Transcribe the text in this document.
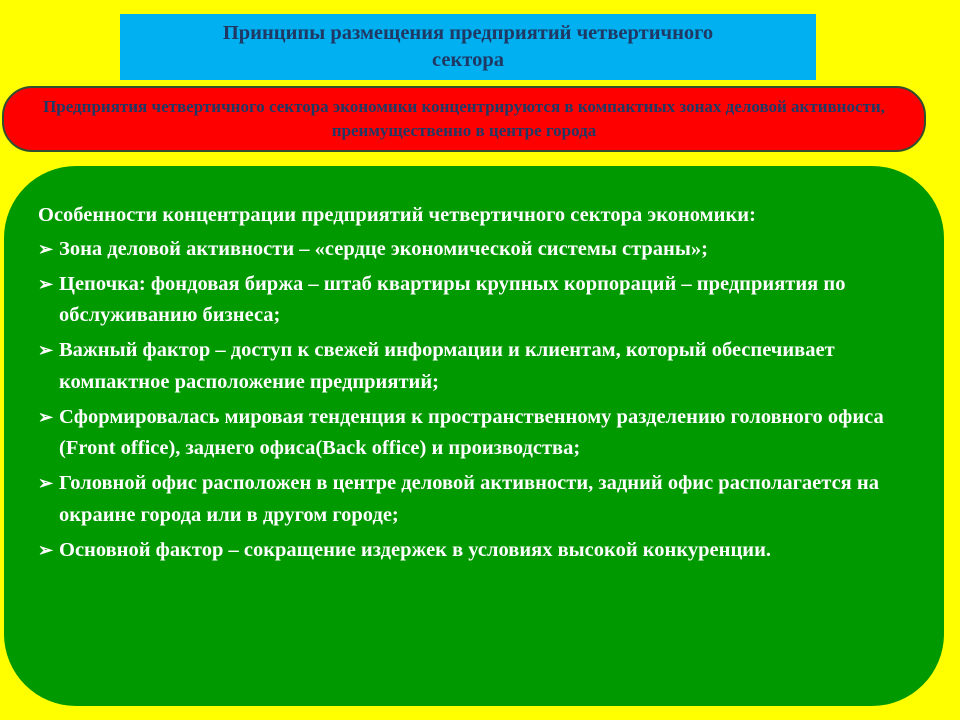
Принципы размещения предприятий четвертичного сектора
Предприятия четвертичного сектора экономики концентрируются в компактных зонах деловой активности, преимущественно в центре города
Особенности концентрации предприятий четвертичного сектора экономики:
➢ Зона деловой активности – «сердце экономической системы страны»;
➢ Цепочка: фондовая биржа – штаб квартиры крупных корпораций – предприятия по обслуживанию бизнеса;
➢ Важный фактор – доступ к свежей информации и клиентам, который обеспечивает компактное расположение предприятий;
➢ Сформировалась мировая тенденция к пространственному разделению головного офиса (Front office), заднего офиса(Back office) и производства;
➢ Головной офис расположен в центре деловой активности, задний офис располагается на окраине города или в другом городе;
➢ Основной фактор – сокращение издержек в условиях высокой конкуренции.
